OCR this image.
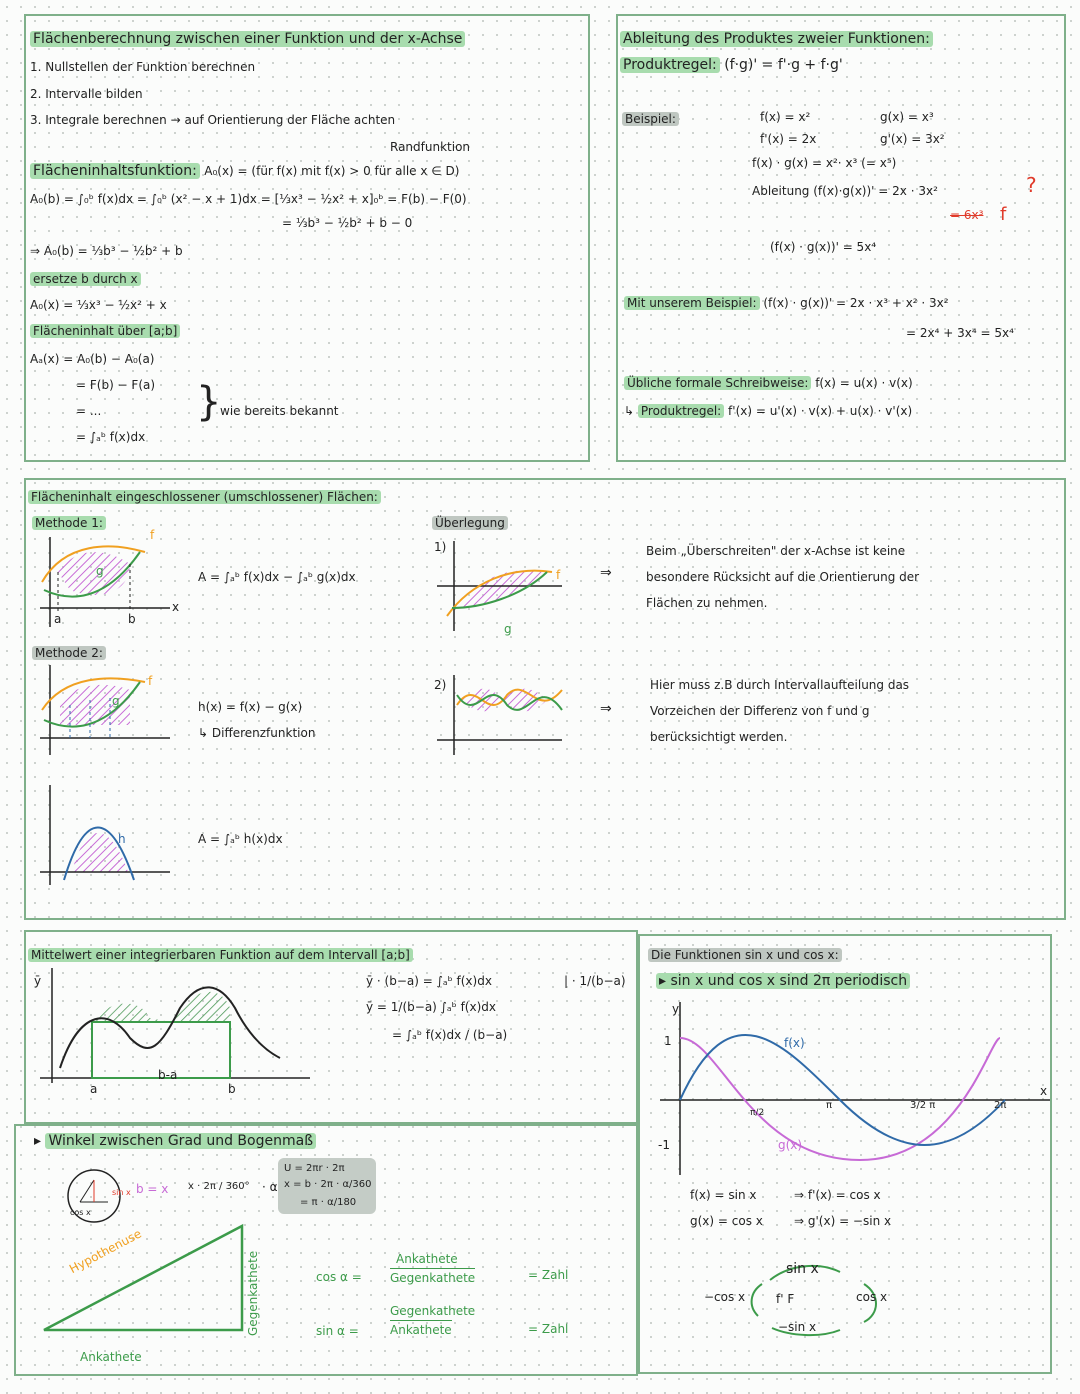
Flächenberechnung zwischen einer Funktion und der x-Achse
1. Nullstellen der Funktion berechnen
2. Intervalle bilden
3. Integrale berechnen → auf Orientierung der Fläche achten
Randfunktion
Flächeninhaltsfunktion: A₀(x) = (für f(x) mit f(x) > 0 für alle x ∈ D)
A₀(b) = ∫₀ᵇ f(x)dx = ∫₀ᵇ (x² − x + 1)dx = [⅓x³ − ½x² + x]₀ᵇ = F(b) − F(0)
= ⅓b³ − ½b² + b − 0
⇒ A₀(b) = ⅓b³ − ½b² + b
ersetze b durch x
A₀(x) = ⅓x³ − ½x² + x
Flächeninhalt über [a;b]
Aₐ(x) = A₀(b) − A₀(a)
= F(b) − F(a)
= ...
= ∫ₐᵇ f(x)dx
}
wie bereits bekannt
Ableitung des Produktes zweier Funktionen:
Produktregel: (f·g)' = f'·g + f·g'
Beispiel:	f(x) = x²	g(x) = x³
f'(x) = 2x	g'(x) = 3x²
f(x) · g(x) = x²· x³ (= x⁵)
Ableitung (f(x)·g(x))' = 2x · 3x²	?
= 6x³ f
(f(x) · g(x))' = 5x⁴
Mit unserem Beispiel: (f(x) · g(x))' = 2x · x³ + x² · 3x²
= 2x⁴ + 3x⁴ = 5x⁴
Übliche formale Schreibweise: f(x) = u(x) · v(x)
↳ Produktregel: f'(x) = u'(x) · v(x) + u(x) · v'(x)
Flächeninhalt eingeschlossener (umschlossener) Flächen:
Methode 1:
f
g
a	b
x
A = ∫ₐᵇ f(x)dx − ∫ₐᵇ g(x)dx
Methode 2:
f
g	h(x) = f(x) − g(x)
↳ Differenzfunktion
h	A = ∫ₐᵇ h(x)dx
Überlegung
1)
f
g
⇒
Beim „Überschreiten" der x-Achse ist keine
besondere Rücksicht auf die Orientierung der
Flächen zu nehmen.
2)
⇒
Hier muss z.B durch Intervallaufteilung das
Vorzeichen der Differenz von f und g
berücksichtigt werden.
Mittelwert einer integrierbaren Funktion auf dem Intervall [a;b]
ȳ · (b−a) = ∫ₐᵇ f(x)dx	| · 1/(b−a)
ȳ = 1/(b−a) ∫ₐᵇ f(x)dx
= ∫ₐᵇ f(x)dx / (b−a)
ȳ
b-a
a	b
▸ Winkel zwischen Grad und Bogenmaß
cos x
sin x b = x x · 2π / 360° · α
U = 2πr · 2π
x = b · 2π · α/360
= π · α/180
Hypothenuse	Gegenkathete
Ankathete
cos α =
Ankathete
Gegenkathete	= Zahl
sin α =
Gegenkathete
Ankathete	= Zahl
Die Funktionen sin x und cos x:
▸ sin x und cos x sind 2π periodisch
y
1
-1
x
π/2
π	3/2 π	2π
f(x)
g(x)
f(x) = sin x	⇒ f'(x) = cos x
g(x) = cos x	⇒ g'(x) = −sin x
sin x
cos x
−sin x
−cos x	f' F
